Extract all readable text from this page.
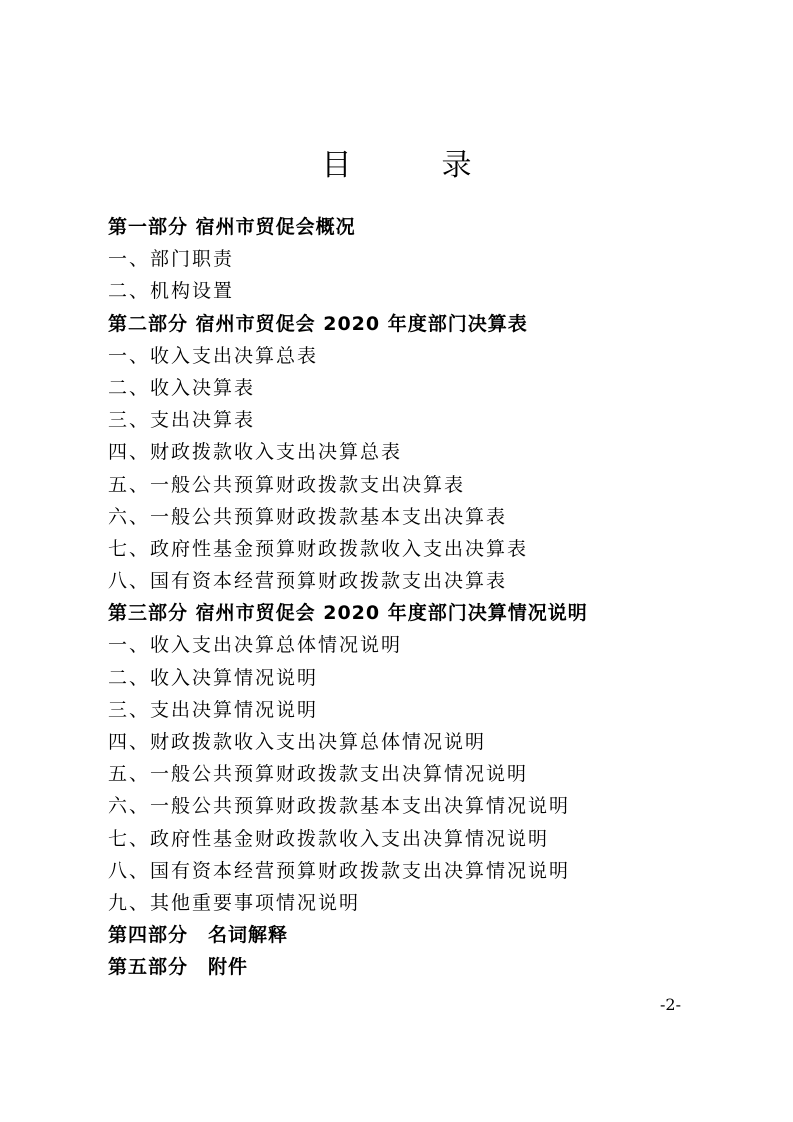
目　录
第一部分 宿州市贸促会概况
一、部门职责
二、机构设置
第二部分 宿州市贸促会 2020 年度部门决算表
一、收入支出决算总表
二、收入决算表
三、支出决算表
四、财政拨款收入支出决算总表
五、一般公共预算财政拨款支出决算表
六、一般公共预算财政拨款基本支出决算表
七、政府性基金预算财政拨款收入支出决算表
八、国有资本经营预算财政拨款支出决算表
第三部分 宿州市贸促会 2020 年度部门决算情况说明
一、收入支出决算总体情况说明
二、收入决算情况说明
三、支出决算情况说明
四、财政拨款收入支出决算总体情况说明
五、一般公共预算财政拨款支出决算情况说明
六、一般公共预算财政拨款基本支出决算情况说明
七、政府性基金财政拨款收入支出决算情况说明
八、国有资本经营预算财政拨款支出决算情况说明
九、其他重要事项情况说明
第四部分　名词解释
第五部分　附件
-2-
